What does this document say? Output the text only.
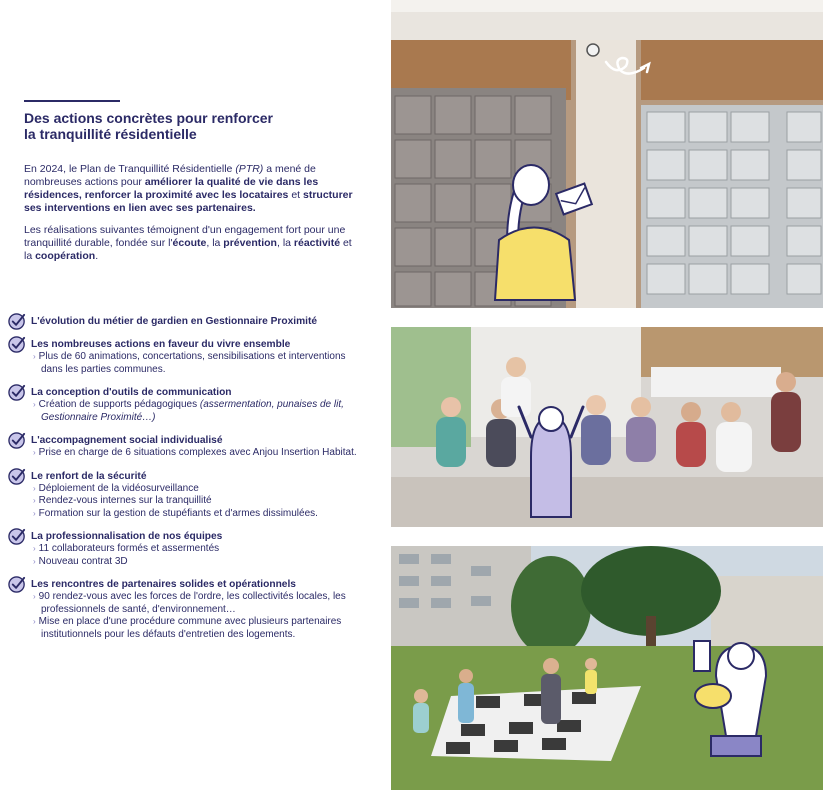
Des actions concrètes pour renforcer
la tranquillité résidentielle

En 2024, le Plan de Tranquillité Résidentielle (PTR) a mené de nombreuses actions pour améliorer la qualité de vie dans les résidences, renforcer la proximité avec les locataires et structurer ses interventions en lien avec ses partenaires.

Les réalisations suivantes témoignent d'un engagement fort pour une tranquillité durable, fondée sur l'écoute, la prévention, la réactivité et la coopération.

L'évolution du métier de gardien en Gestionnaire Proximité
Les nombreuses actions en faveur du vivre ensemble
› Plus de 60 animations, concertations, sensibilisations et interventions dans les parties communes.
La conception d'outils de communication
› Création de supports pédagogiques (assermentation, punaises de lit, Gestionnaire Proximité…)
L'accompagnement social individualisé
› Prise en charge de 6 situations complexes avec Anjou Insertion Habitat.
Le renfort de la sécurité
› Déploiement de la vidéosurveillance
› Rendez-vous internes sur la tranquillité
› Formation sur la gestion de stupéfiants et d'armes dissimulées.
La professionnalisation de nos équipes
› 11 collaborateurs formés et assermentés
› Nouveau contrat 3D
Les rencontres de partenaires solides et opérationnels
› 90 rendez-vous avec les forces de l'ordre, les collectivités locales, les professionnels de santé, d'environnement…
› Mise en place d'une procédure commune avec plusieurs partenaires institutionnels pour les défauts d'entretien des logements.
